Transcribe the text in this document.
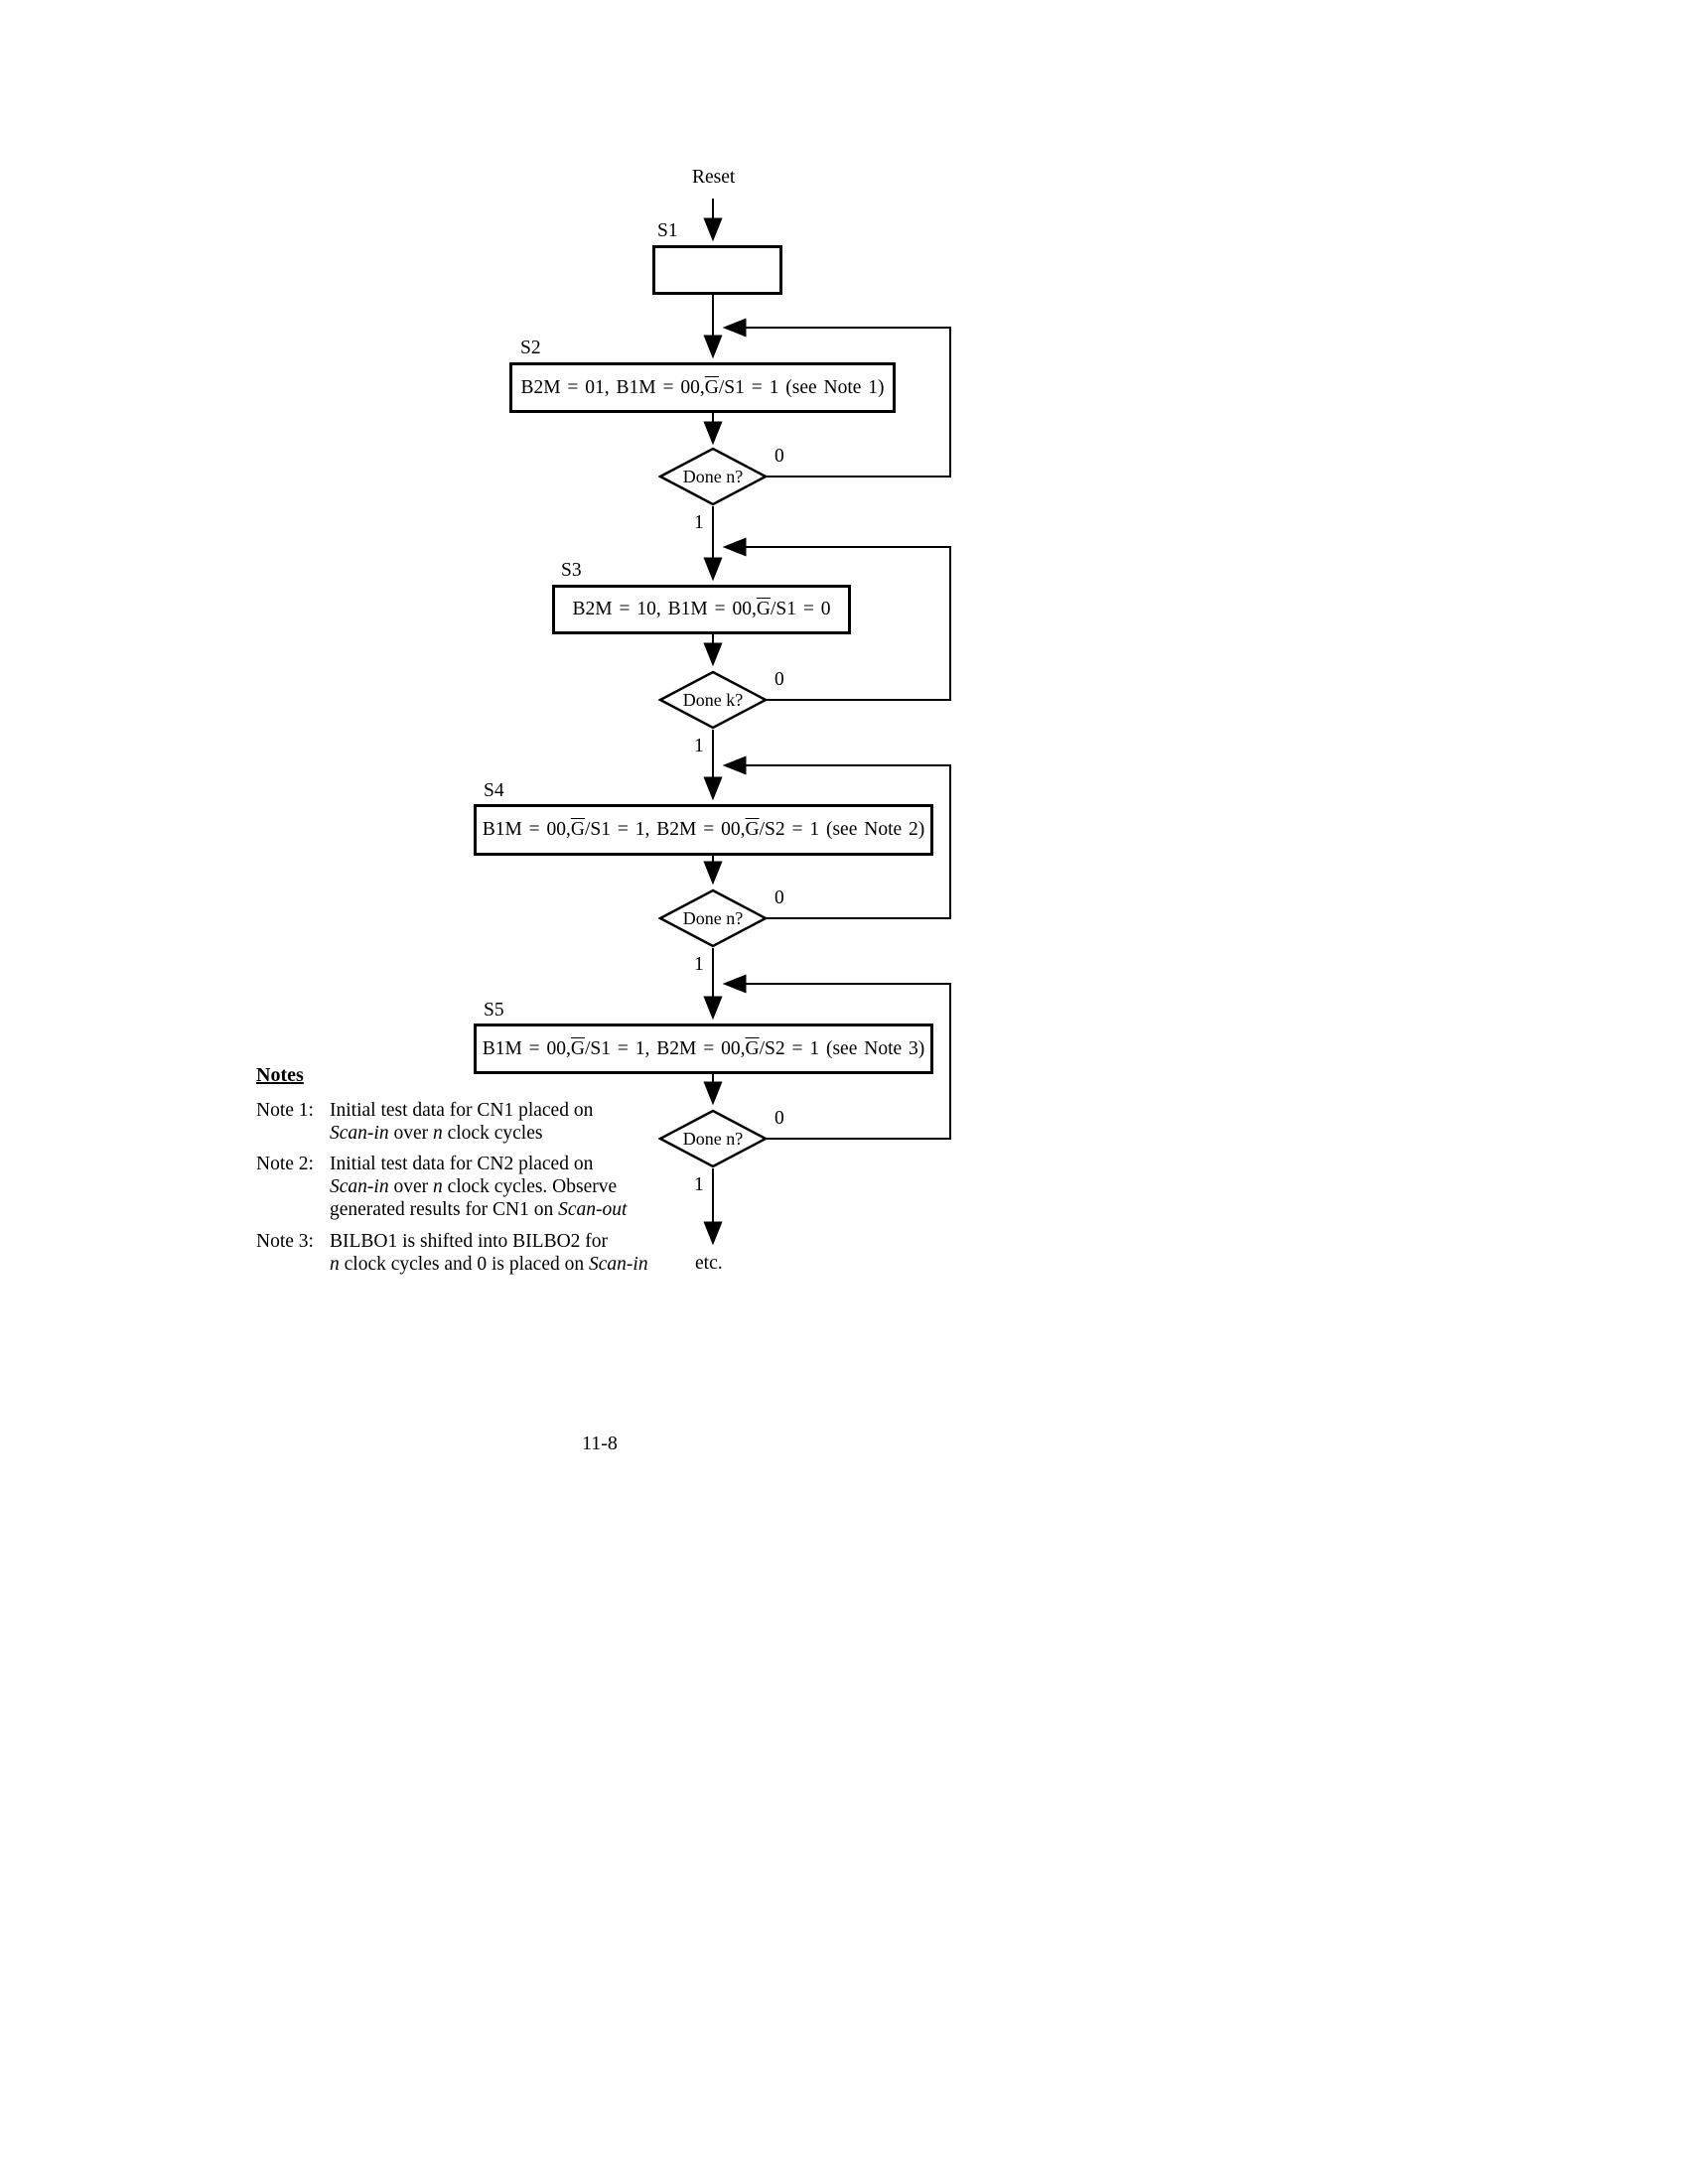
Reset
S1
S2
B2M = 01, B1M = 00, $\overline{G}$ /S1 = 1 (see Note 1)
Done n?
0
1
S3
B2M = 10, B1M = 00, $\overline{G}$ /S1 = 0
Done k?
0
1
S4
B1M = 00, $\overline{G}$ /S1 = 1, B2M = 00, $\overline{G}$ /S2 = 1 (see Note 2)
Done n?
0
1
S5
B1M = 00, $\overline{G}$ /S1 = 1, B2M = 00, $\overline{G}$ /S2 = 1 (see Note 3)
Done n?
0
1
etc.
Notes
Note 1: Initial test data for CN1 placed on
Scan-in over n clock cycles
Note 2: Initial test data for CN2 placed on
Scan-in over n clock cycles. Observe
generated results for CN1 on Scan-out
Note 3: BILBO1 is shifted into BILBO2 for
n clock cycles and 0 is placed on Scan-in
11-8
